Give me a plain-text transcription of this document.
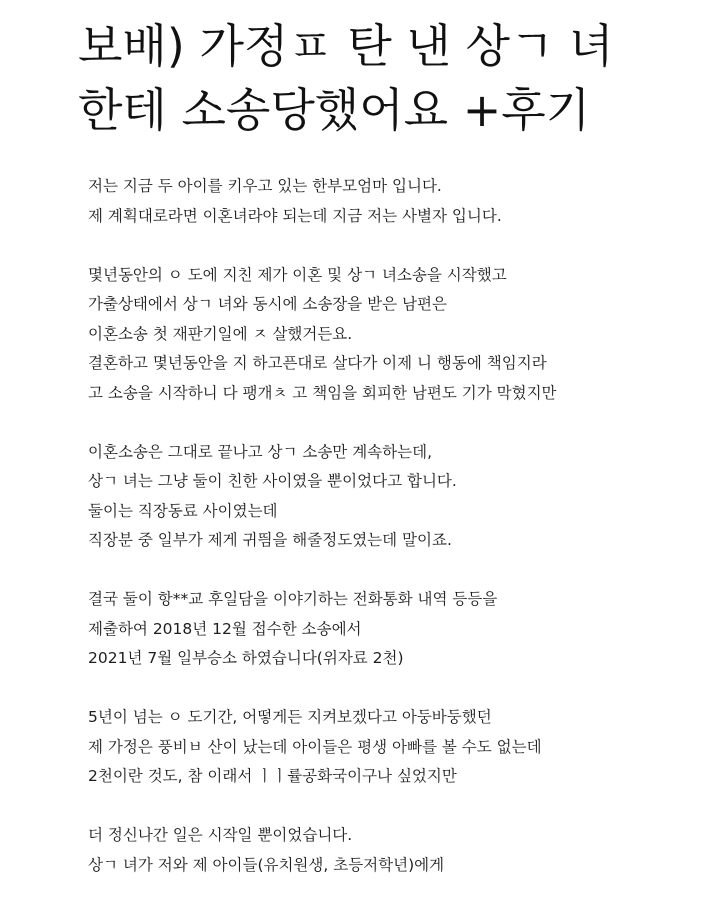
보배) 가정ㅍ 탄 낸 상ㄱ 녀
한테 소송당했어요 +후기
저는 지금 두 아이를 키우고 있는 한부모엄마 입니다.
제 계획대로라면 이혼녀라야 되는데 지금 저는 사별자 입니다.
몇년동안의 ㅇ 도에 지친 제가 이혼 및 상ㄱ 녀소송을 시작했고
가출상태에서 상ㄱ 녀와 동시에 소송장을 받은 남편은
이혼소송 첫 재판기일에 ㅈ 살했거든요.
결혼하고 몇년동안을 지 하고픈대로 살다가 이제 니 행동에 책임지라
고 소송을 시작하니 다 팽개ㅊ 고 책임을 회피한 남편도 기가 막혔지만
이혼소송은 그대로 끝나고 상ㄱ 소송만 계속하는데,
상ㄱ 녀는 그냥 둘이 친한 사이였을 뿐이었다고 합니다.
둘이는 직장동료 사이였는데
직장분 중 일부가 제게 귀띔을 해줄정도였는데 말이죠.
결국 둘이 항**교 후일담을 이야기하는 전화통화 내역 등등을
제출하여 2018년 12월 접수한 소송에서
2021년 7월 일부승소 하였습니다(위자료 2천)
5년이 넘는 ㅇ 도기간, 어떻게든 지켜보겠다고 아둥바둥했던
제 가정은 풍비ㅂ 산이 났는데 아이들은 평생 아빠를 볼 수도 없는데
2천이란 것도, 참 이래서 ㅣㅣ률공화국이구나 싶었지만
더 정신나간 일은 시작일 뿐이었습니다.
상ㄱ 녀가 저와 제 아이들(유치원생, 초등저학년)에게
